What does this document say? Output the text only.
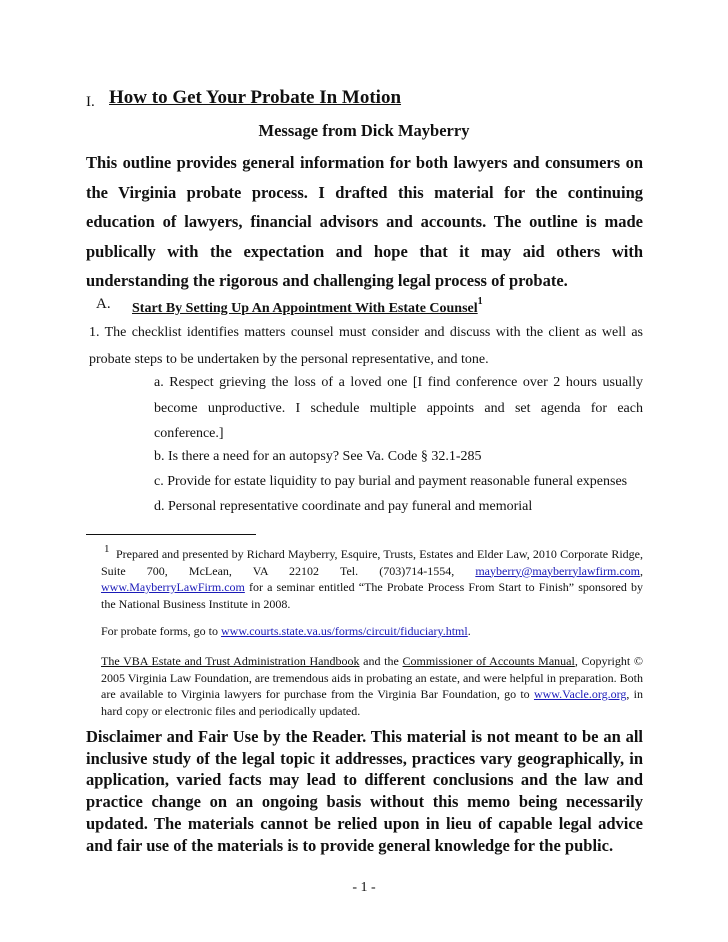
I. How to Get Your Probate In Motion
Message from Dick Mayberry
This outline provides general information for both lawyers and consumers on
the Virginia probate process. I drafted this material for the continuing
education of lawyers, financial advisors and accounts. The outline is made
publically with the expectation and hope that it may aid others with
understanding the rigorous and challenging legal process of probate.
A. Start By Setting Up An Appointment With Estate Counsel$^1$
1. The checklist identifies matters counsel must consider and discuss with the client as well as probate steps to be undertaken by the personal representative, and tone.
a. Respect grieving the loss of a loved one [I find conference over 2 hours usually become unproductive. I schedule multiple appoints and set agenda for each conference.]
b. Is there a need for an autopsy? See Va. Code § 32.1-285
c. Provide for estate liquidity to pay burial and payment reasonable funeral expenses
d. Personal representative coordinate and pay funeral and memorial
1 Prepared and presented by Richard Mayberry, Esquire, Trusts, Estates and Elder Law, 2010 Corporate Ridge, Suite 700, McLean, VA 22102 Tel. (703)714-1554, mayberry@mayberrylawfirm.com, www.MayberryLawFirm.com for a seminar entitled “The Probate Process From Start to Finish” sponsored by the National Business Institute in 2008.
For probate forms, go to www.courts.state.va.us/forms/circuit/fiduciary.html.
The VBA Estate and Trust Administration Handbook and the Commissioner of Accounts Manual, Copyright © 2005 Virginia Law Foundation, are tremendous aids in probating an estate, and were helpful in preparation. Both are available to Virginia lawyers for purchase from the Virginia Bar Foundation, go to www.Vacle.org.org, in hard copy or electronic files and periodically updated.
Disclaimer and Fair Use by the Reader. This material is not meant to be an all inclusive study of the legal topic it addresses, practices vary geographically, in application, varied facts may lead to different conclusions and the law and practice change on an ongoing basis without this memo being necessarily updated. The materials cannot be relied upon in lieu of capable legal advice and fair use of the materials is to provide general knowledge for the public.
- 1 -
